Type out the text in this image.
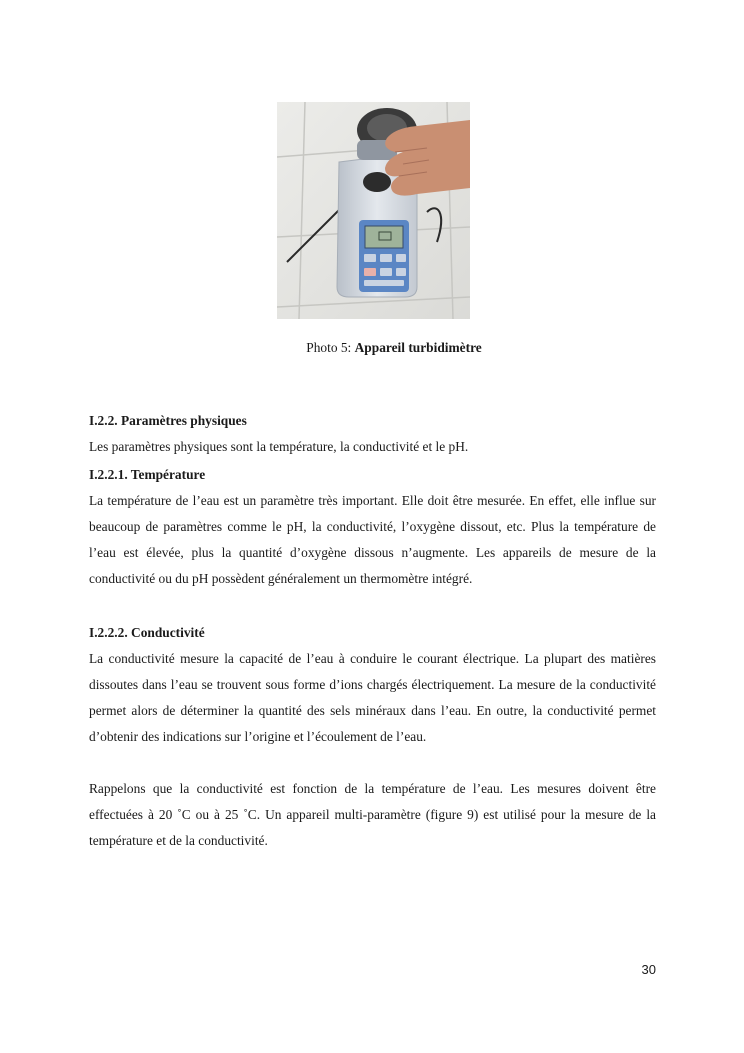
Photo 5: Appareil turbidimètre
I.2.2. Paramètres physiques
Les paramètres physiques sont la température, la conductivité et le pH.
I.2.2.1. Température
La température de l’eau est un paramètre très important. Elle doit être mesurée. En effet, elle influe sur beaucoup de paramètres comme le pH, la conductivité, l’oxygène dissout, etc. Plus la température de l’eau est élevée, plus la quantité d’oxygène dissous n’augmente. Les appareils de mesure de la conductivité ou du pH possèdent généralement un thermomètre intégré.
I.2.2.2. Conductivité
La conductivité mesure la capacité de l’eau à conduire le courant électrique. La plupart des matières dissoutes dans l’eau se trouvent sous forme d’ions chargés électriquement. La mesure de la conductivité permet alors de déterminer la quantité des sels minéraux dans l’eau. En outre, la conductivité permet d’obtenir des indications sur l’origine et l’écoulement de l’eau.
Rappelons que la conductivité est fonction de la température de l’eau. Les mesures doivent être effectuées à 20 ˚C ou à 25 ˚C. Un appareil multi-paramètre (figure 9) est utilisé pour la mesure de la température et de la conductivité.
30
